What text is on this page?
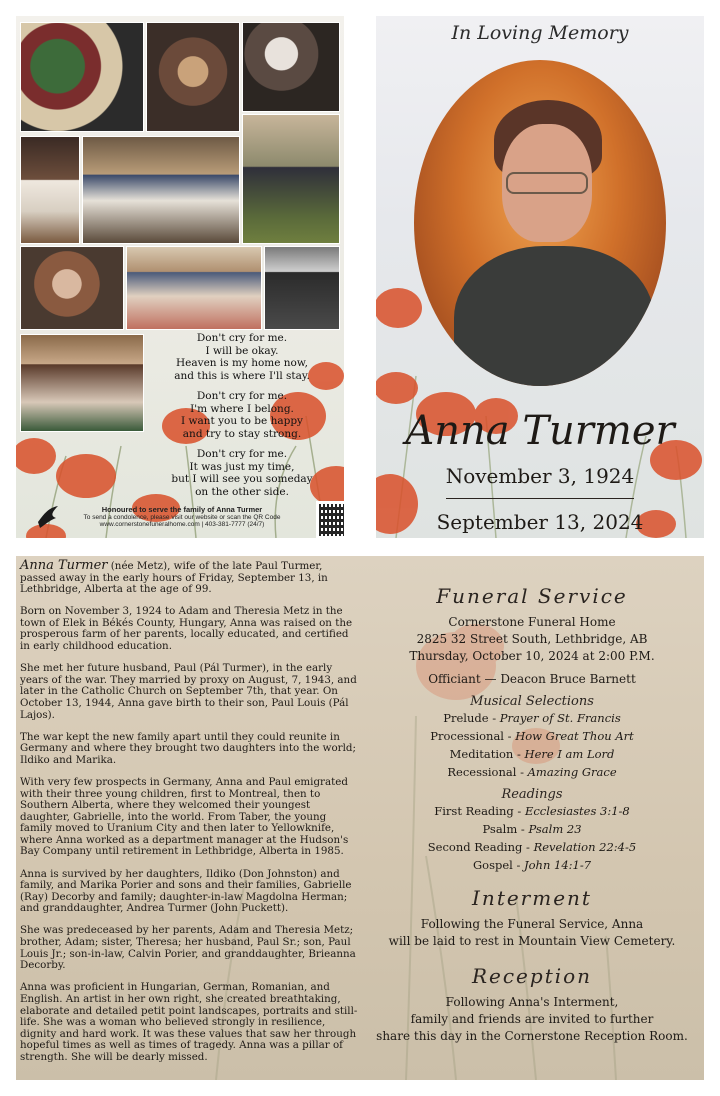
Don't cry for me.
I will be okay.
Heaven is my home now,
and this is where I'll stay.
Don't cry for me.
I'm where I belong.
I want you to be happy
and try to stay strong.
Don't cry for me.
It was just my time,
but I will see you someday
on the other side.
Honoured to serve the family of Anna Turmer
To send a condolence, please visit our website or scan the QR Code
www.cornerstonefuneralhome.com | 403-381-7777 (24/7)
In Loving Memory
Anna Turmer
November 3, 1924
September 13, 2024

Anna Turmer (née Metz), wife of the late Paul Turmer, passed away in the early hours of Friday, September 13, in Lethbridge, Alberta at the age of 99.

Born on November 3, 1924 to Adam and Theresia Metz in the town of Elek in Békés County, Hungary, Anna was raised on the prosperous farm of her parents, locally educated, and certified in early childhood education.

She met her future husband, Paul (Pál Turmer), in the early years of the war. They married by proxy on August, 7, 1943, and later in the Catholic Church on September 7th, that year. On October 13, 1944, Anna gave birth to their son, Paul Louis (Pál Lajos).

The war kept the new family apart until they could reunite in Germany and where they brought two daughters into the world; Ildiko and Marika.

With very few prospects in Germany, Anna and Paul emigrated with their three young children, first to Montreal, then to Southern Alberta, where they welcomed their youngest daughter, Gabrielle, into the world. From Taber, the young family moved to Uranium City and then later to Yellowknife, where Anna worked as a department manager at the Hudson's Bay Company until retirement in Lethbridge, Alberta in 1985.

Anna is survived by her daughters, Ildiko (Don Johnston) and family, and Marika Porier and sons and their families, Gabrielle (Ray) Decorby and family; daughter-in-law Magdolna Herman; and granddaughter, Andrea Turmer (John Puckett).

She was predeceased by her parents, Adam and Theresia Metz; brother, Adam; sister, Theresa; her husband, Paul Sr.; son, Paul Louis Jr.; son-in-law, Calvin Porier, and granddaughter, Brieanna Decorby.

Anna was proficient in Hungarian, German, Romanian, and English. An artist in her own right, she created breathtaking, elaborate and detailed petit point landscapes, portraits and still-life. She was a woman who believed strongly in resilience, dignity and hard work. It was these values that saw her through hopeful times as well as times of tragedy. Anna was a pillar of strength. She will be dearly missed.

Funeral Service
Cornerstone Funeral Home
2825 32 Street South, Lethbridge, AB
Thursday, October 10, 2024 at 2:00 P.M.
Officiant — Deacon Bruce Barnett
Musical Selections
Prelude - Prayer of St. Francis
Processional - How Great Thou Art
Meditation - Here I am Lord
Recessional - Amazing Grace
Readings
First Reading - Ecclesiastes 3:1-8
Psalm - Psalm 23
Second Reading - Revelation 22:4-5
Gospel - John 14:1-7
Interment
Following the Funeral Service, Anna
will be laid to rest in Mountain View Cemetery.
Reception
Following Anna's Interment,
family and friends are invited to further
share this day in the Cornerstone Reception Room.
